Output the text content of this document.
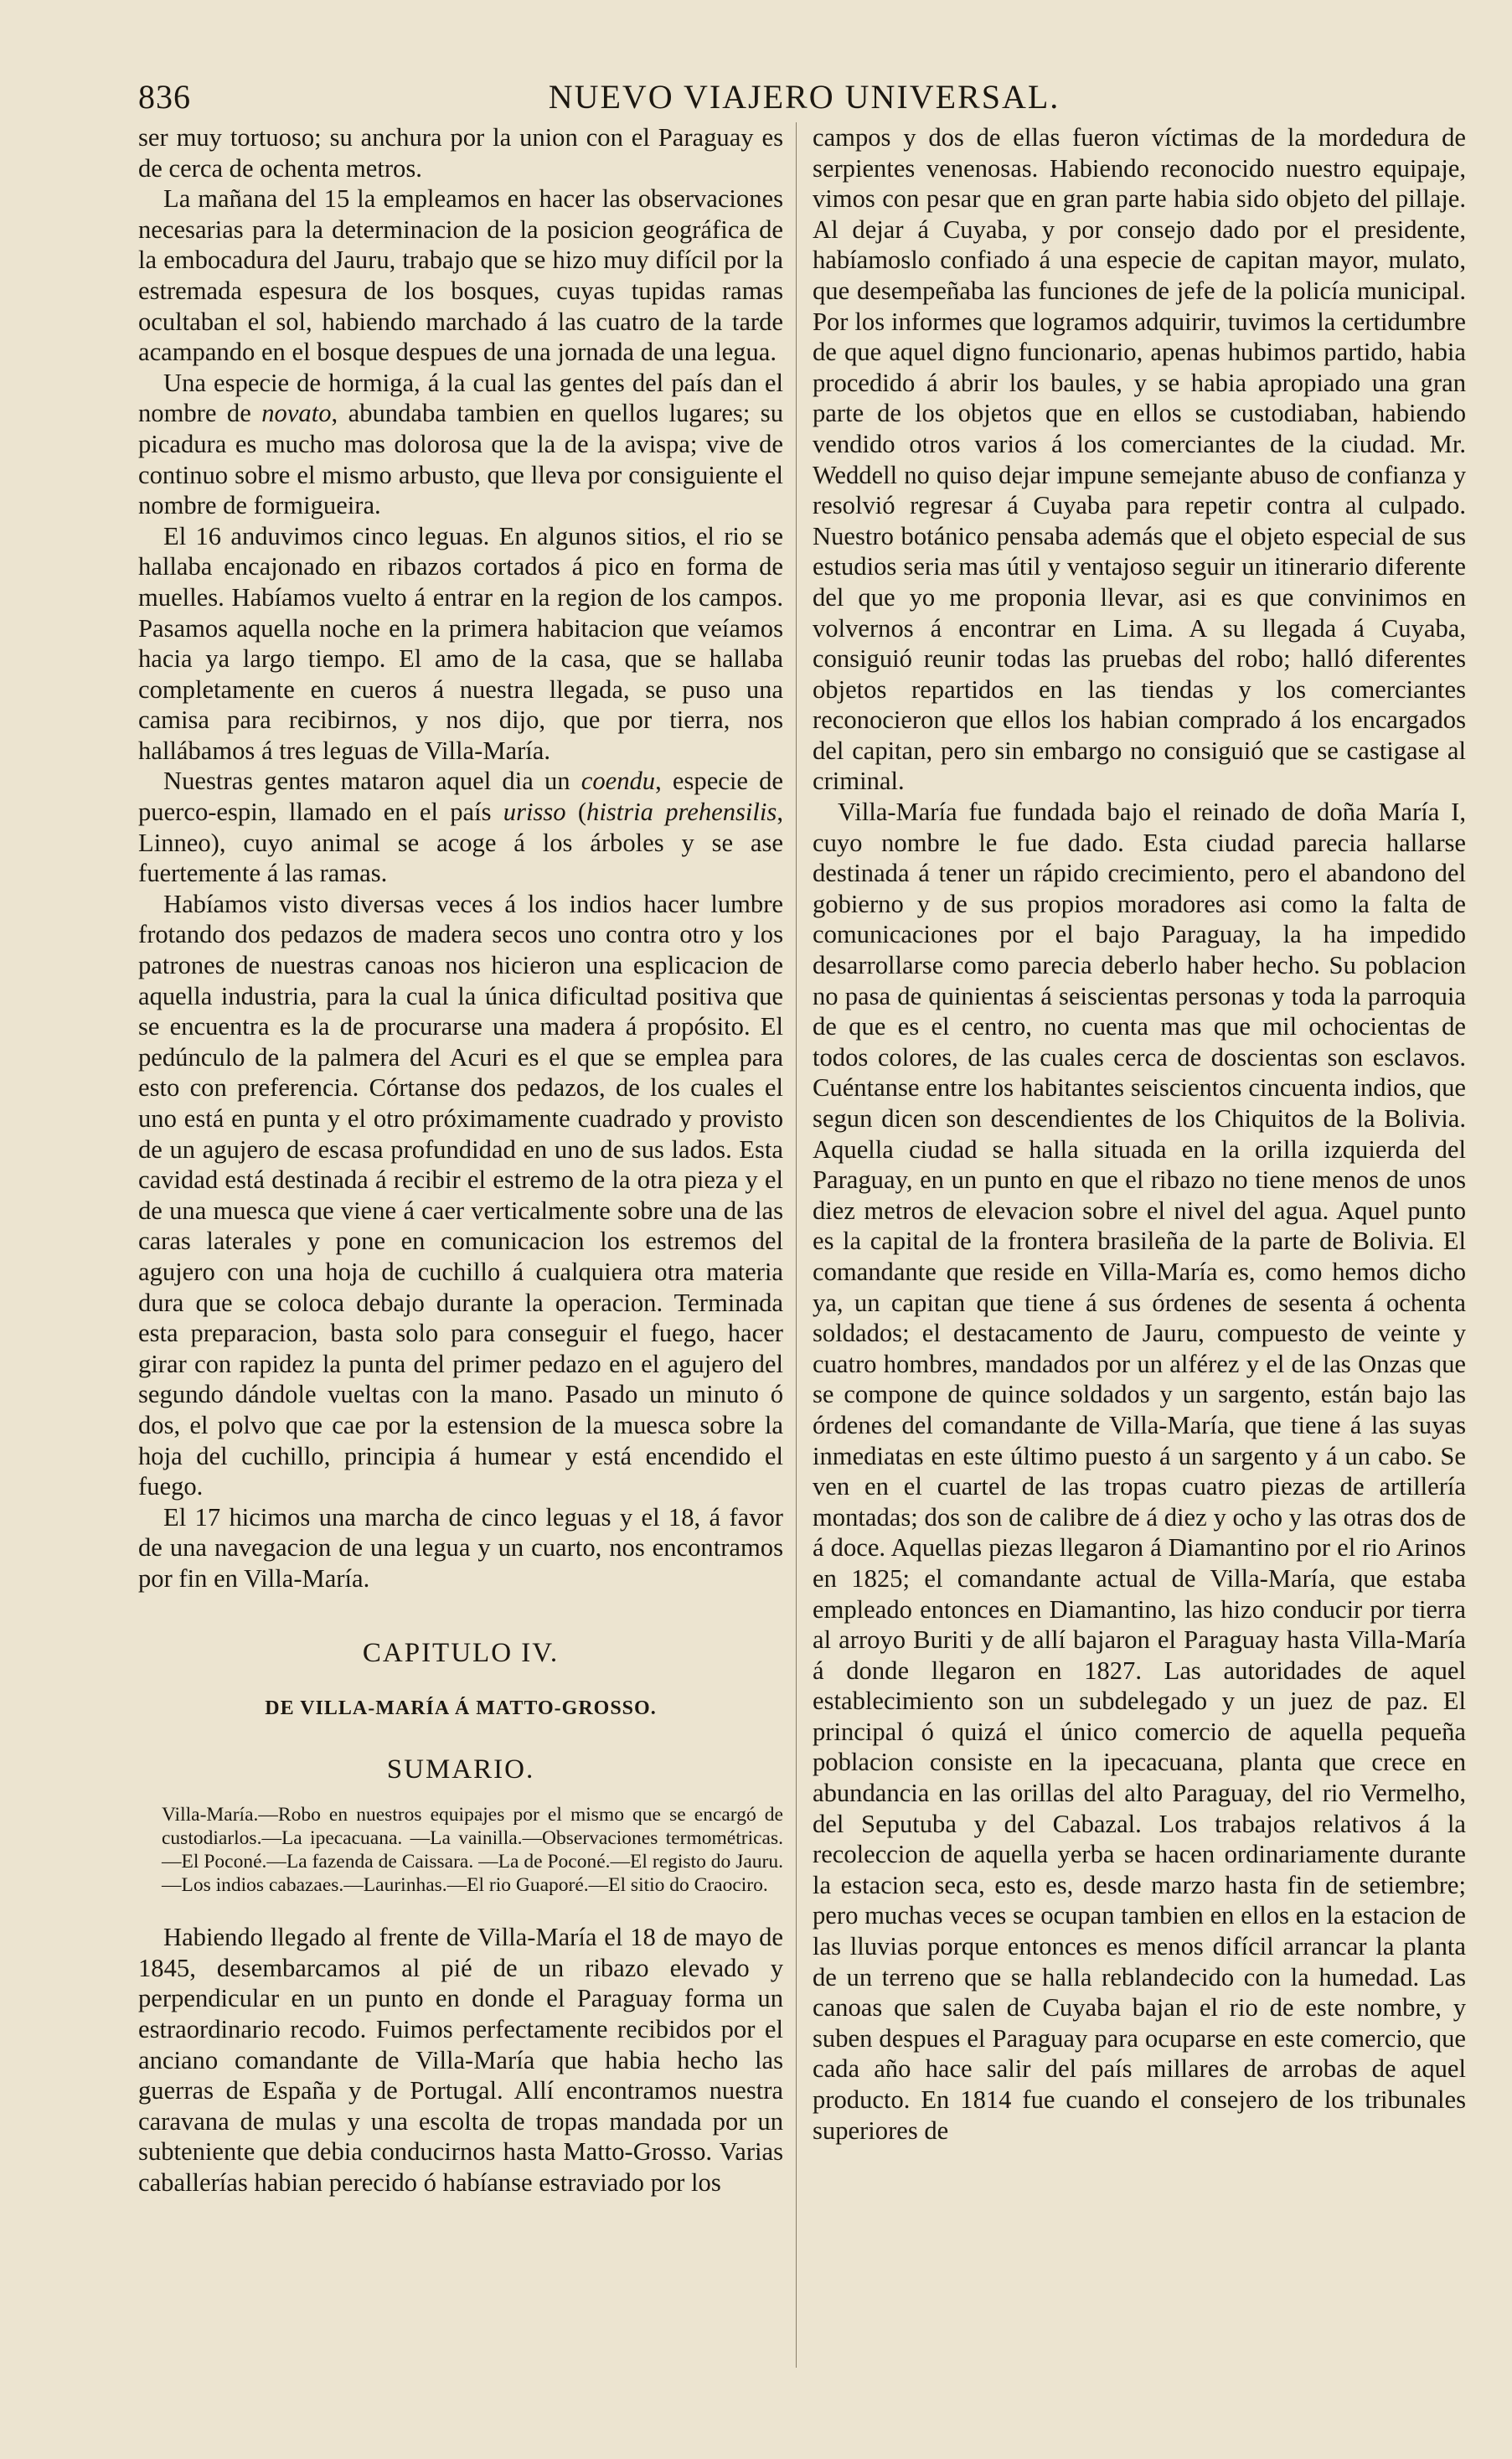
836	NUEVO VIAJERO UNIVERSAL.

ser muy tortuoso; su anchura por la union con el Paraguay es de cerca de ochenta metros.

La mañana del 15 la empleamos en hacer las observaciones necesarias para la determinacion de la posicion geográfica de la embocadura del Jauru, trabajo que se hizo muy difícil por la estremada espesura de los bosques, cuyas tupidas ramas ocultaban el sol, habiendo marchado á las cuatro de la tarde acampando en el bosque despues de una jornada de una legua.

Una especie de hormiga, á la cual las gentes del país dan el nombre de novato, abundaba tambien en quellos lugares; su picadura es mucho mas dolorosa que la de la avispa; vive de continuo sobre el mismo arbusto, que lleva por consiguiente el nombre de formigueira.

El 16 anduvimos cinco leguas. En algunos sitios, el rio se hallaba encajonado en ribazos cortados á pico en forma de muelles. Habíamos vuelto á entrar en la region de los campos. Pasamos aquella noche en la primera habitacion que veíamos hacia ya largo tiempo. El amo de la casa, que se hallaba completamente en cueros á nuestra llegada, se puso una camisa para recibirnos, y nos dijo, que por tierra, nos hallábamos á tres leguas de Villa-María.

Nuestras gentes mataron aquel dia un coendu, especie de puerco-espin, llamado en el país urisso (histria prehensilis, Linneo), cuyo animal se acoge á los árboles y se ase fuertemente á las ramas.

Habíamos visto diversas veces á los indios hacer lumbre frotando dos pedazos de madera secos uno contra otro y los patrones de nuestras canoas nos hicieron una esplicacion de aquella industria, para la cual la única dificultad positiva que se encuentra es la de procurarse una madera á propósito. El pedúnculo de la palmera del Acuri es el que se emplea para esto con preferencia. Córtanse dos pedazos, de los cuales el uno está en punta y el otro próximamente cuadrado y provisto de un agujero de escasa profundidad en uno de sus lados. Esta cavidad está destinada á recibir el estremo de la otra pieza y el de una muesca que viene á caer verticalmente sobre una de las caras laterales y pone en comunicacion los estremos del agujero con una hoja de cuchillo á cualquiera otra materia dura que se coloca debajo durante la operacion. Terminada esta preparacion, basta solo para conseguir el fuego, hacer girar con rapidez la punta del primer pedazo en el agujero del segundo dándole vueltas con la mano. Pasado un minuto ó dos, el polvo que cae por la estension de la muesca sobre la hoja del cuchillo, principia á humear y está encendido el fuego.

El 17 hicimos una marcha de cinco leguas y el 18, á favor de una navegacion de una legua y un cuarto, nos encontramos por fin en Villa-María.

CAPITULO IV.

DE VILLA-MARÍA Á MATTO-GROSSO.

SUMARIO.

Villa-María.—Robo en nuestros equipajes por el mismo que se encargó de custodiarlos.—La ipecacuana. —La vainilla.—Observaciones termométricas.—El Poconé.—La fazenda de Caissara. —La de Poconé.—El registo do Jauru.—Los indios cabazaes.—Laurinhas.—El rio Guaporé.—El sitio do Craociro.

Habiendo llegado al frente de Villa-María el 18 de mayo de 1845, desembarcamos al pié de un ribazo elevado y perpendicular en un punto en donde el Paraguay forma un estraordinario recodo. Fuimos perfectamente recibidos por el anciano comandante de Villa-María que habia hecho las guerras de España y de Portugal. Allí encontramos nuestra caravana de mulas y una escolta de tropas mandada por un subteniente que debia conducirnos hasta Matto-Grosso. Varias caballerías habian perecido ó habíanse estraviado por los

campos y dos de ellas fueron víctimas de la mordedura de serpientes venenosas. Habiendo reconocido nuestro equipaje, vimos con pesar que en gran parte habia sido objeto del pillaje. Al dejar á Cuyaba, y por consejo dado por el presidente, habíamoslo confiado á una especie de capitan mayor, mulato, que desempeñaba las funciones de jefe de la policía municipal. Por los informes que logramos adquirir, tuvimos la certidumbre de que aquel digno funcionario, apenas hubimos partido, habia procedido á abrir los baules, y se habia apropiado una gran parte de los objetos que en ellos se custodiaban, habiendo vendido otros varios á los comerciantes de la ciudad. Mr. Weddell no quiso dejar impune semejante abuso de confianza y resolvió regresar á Cuyaba para repetir contra al culpado. Nuestro botánico pensaba además que el objeto especial de sus estudios seria mas útil y ventajoso seguir un itinerario diferente del que yo me proponia llevar, asi es que convinimos en volvernos á encontrar en Lima. A su llegada á Cuyaba, consiguió reunir todas las pruebas del robo; halló diferentes objetos repartidos en las tiendas y los comerciantes reconocieron que ellos los habian comprado á los encargados del capitan, pero sin embargo no consiguió que se castigase al criminal.

Villa-María fue fundada bajo el reinado de doña María I, cuyo nombre le fue dado. Esta ciudad parecia hallarse destinada á tener un rápido crecimiento, pero el abandono del gobierno y de sus propios moradores asi como la falta de comunicaciones por el bajo Paraguay, la ha impedido desarrollarse como parecia deberlo haber hecho. Su poblacion no pasa de quinientas á seiscientas personas y toda la parroquia de que es el centro, no cuenta mas que mil ochocientas de todos colores, de las cuales cerca de doscientas son esclavos. Cuéntanse entre los habitantes seiscientos cincuenta indios, que segun dicen son descendientes de los Chiquitos de la Bolivia. Aquella ciudad se halla situada en la orilla izquierda del Paraguay, en un punto en que el ribazo no tiene menos de unos diez metros de elevacion sobre el nivel del agua. Aquel punto es la capital de la frontera brasileña de la parte de Bolivia. El comandante que reside en Villa-María es, como hemos dicho ya, un capitan que tiene á sus órdenes de sesenta á ochenta soldados; el destacamento de Jauru, compuesto de veinte y cuatro hombres, mandados por un alférez y el de las Onzas que se compone de quince soldados y un sargento, están bajo las órdenes del comandante de Villa-María, que tiene á las suyas inmediatas en este último puesto á un sargento y á un cabo. Se ven en el cuartel de las tropas cuatro piezas de artillería montadas; dos son de calibre de á diez y ocho y las otras dos de á doce. Aquellas piezas llegaron á Diamantino por el rio Arinos en 1825; el comandante actual de Villa-María, que estaba empleado entonces en Diamantino, las hizo conducir por tierra al arroyo Buriti y de allí bajaron el Paraguay hasta Villa-María á donde llegaron en 1827. Las autoridades de aquel establecimiento son un subdelegado y un juez de paz. El principal ó quizá el único comercio de aquella pequeña poblacion consiste en la ipecacuana, planta que crece en abundancia en las orillas del alto Paraguay, del rio Vermelho, del Seputuba y del Cabazal. Los trabajos relativos á la recoleccion de aquella yerba se hacen ordinariamente durante la estacion seca, esto es, desde marzo hasta fin de setiembre; pero muchas veces se ocupan tambien en ellos en la estacion de las lluvias porque entonces es menos difícil arrancar la planta de un terreno que se halla reblandecido con la humedad. Las canoas que salen de Cuyaba bajan el rio de este nombre, y suben despues el Paraguay para ocuparse en este comercio, que cada año hace salir del país millares de arrobas de aquel producto. En 1814 fue cuando el consejero de los tribunales superiores de
